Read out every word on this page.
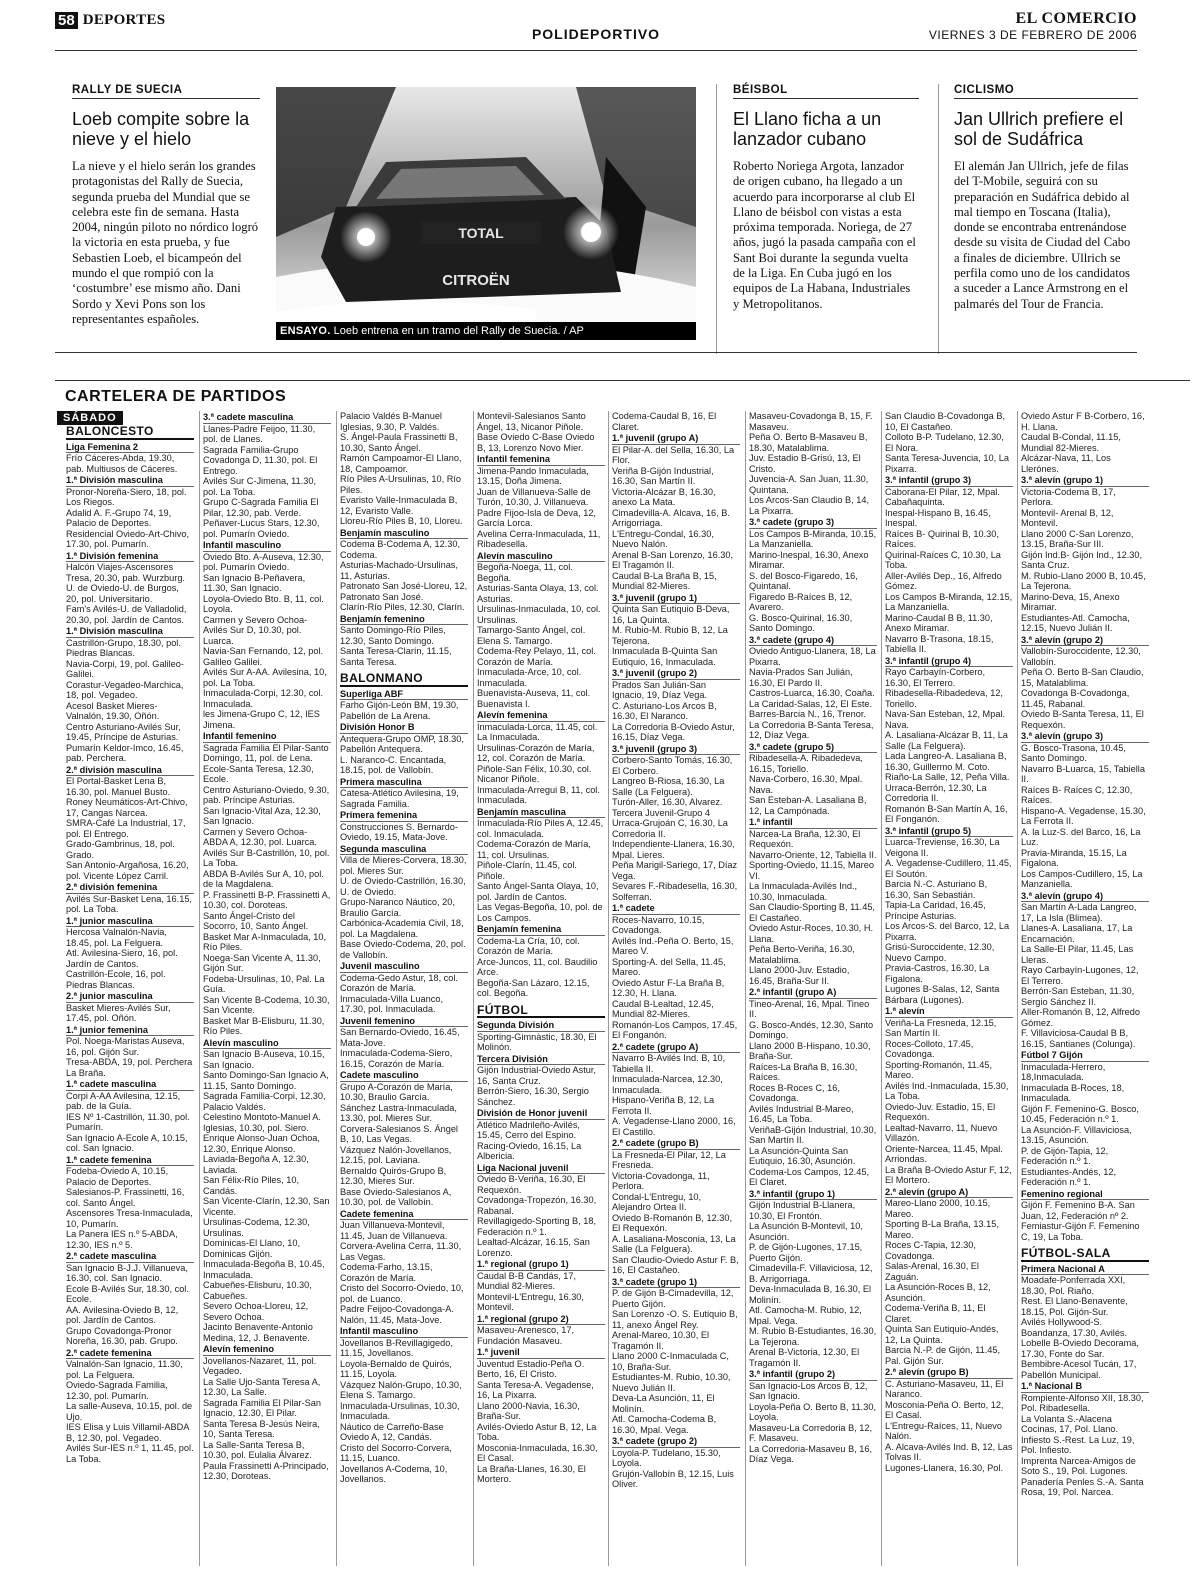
58 DEPORTES
POLIDEPORTIVO
EL COMERCIO
VIERNES 3 DE FEBRERO DE 2006
RALLY DE SUECIA
Loeb compite sobre la nieve y el hielo
La nieve y el hielo serán los grandes protagonistas del Rally de Suecia, segunda prueba del Mundial que se celebra este fin de semana. Hasta 2004, ningún piloto no nórdico logró la victoria en esta prueba, y fue Sebastien Loeb, el bicampeón del mundo el que rompió con la ‘costumbre’ ese mismo año. Dani Sordo y Xevi Pons son los representantes españoles.
TOTAL
CITROËN
ENSAYO. Loeb entrena en un tramo del Rally de Suecia. / AP
BÉISBOL
El Llano ficha a un lanzador cubano
Roberto Noriega Argota, lanzador de origen cubano, ha llegado a un acuerdo para incorporarse al club El Llano de béisbol con vistas a esta próxima temporada. Noriega, de 27 años, jugó la pasada campaña con el Sant Boi durante la segunda vuelta de la Liga. En Cuba jugó en los equipos de La Habana, Industriales y Metropolitanos.
CICLISMO
Jan Ullrich prefiere el sol de Sudáfrica
El alemán Jan Ullrich, jefe de filas del T-Mobile, seguirá con su preparación en Sudáfrica debido al mal tiempo en Toscana (Italia), donde se encontraba entrenándose desde su visita de Ciudad del Cabo a finales de diciembre. Ullrich se perfila como uno de los candidatos a suceder a Lance Armstrong en el palmarés del Tour de Francia.
CARTELERA DE PARTIDOS
SÁBADO
BALONCESTO
Liga Femenina 2
Frío Cáceres-Abda, 19.30, pab. Multiusos de Cáceres.
1.ª División masculina
Pronor-Noreña-Siero, 18, pol. Los Riegos.
Adalid A. F.-Grupo 74, 19, Palacio de Deportes.
Residencial Oviedo-Art-Chivo, 17.30, pol. Pumarín.
1.ª División femenina
Halcón Viajes-Ascensores Tresa, 20.30, pab. Wurzburg.
U. de Oviedo-U. de Burgos, 20, pol. Universitario.
Fam's Avilés-U. de Valladolid, 20.30, pol. Jardín de Cantos.
1.ª División masculina
Castrillón-Grupo, 18.30, pol. Piedras Blancas.
Navia-Corpi, 19, pol. Galileo-Galilei.
Corastur-Vegadeo-Marchica, 18, pol. Vegadeo.
Acesol Basket Mieres-Valnalón, 19.30, Oñón.
Centro Asturiano-Avilés Sur, 19.45, Príncipe de Asturias.
Pumarín Keldor-Imco, 16.45, pab. Perchera.
2.ª división masculina
El Portal-Basket Lena B, 16.30, pol. Manuel Busto.
Roney Neumáticos-Art-Chivo, 17, Cangas Narcea.
SMRA-Café La Industrial, 17, pol. El Entrego.
Grado-Gambrinus, 18, pol. Grado.
San Antonio-Argañosa, 16.20, pol. Vicente López Carril.
2.ª división femenina
Avilés Sur-Basket Lena, 16.15, pol. La Toba.
1.ª junior masculina
Hercosa Valnalón-Navia, 18.45, pol. La Felguera.
Atl. Avilesina-Siero, 16, pol. Jardín de Cantos.
Castrillón-Ecole, 16, pol. Piedras Blancas.
2.ª junior masculina
Basket Mieres-Avilés Sur, 17.45, pol. Oñón.
1.ª junior femenina
Pol. Noega-Maristas Auseva, 16, pol. Gijón Sur.
Tresa-ABDA, 19, pol. Perchera La Braña.
1.ª cadete masculina
Corpi A-AA Avilesina, 12.15, pab. de la Guía.
IES Nº 1-Castrillón, 11.30, pol. Pumarín.
San Ignacio A-Ecole A, 10.15, col. San Ignacio.
1.ª cadete femenina
Fodeba-Oviedo A, 10.15, Palacio de Deportes.
Salesianos-P. Frassinetti, 16, col. Santo Ángel.
Ascensores Tresa-Inmaculada, 10, Pumarín.
La Panera IES n.º 5-ABDA, 12.30, IES n.º 5.
2.ª cadete masculina
San Ignacio B-J.J. Villanueva, 16.30, col. San Ignacio.
Ecole B-Avilés Sur, 18.30, col. Ecole.
AA. Avilesina-Oviedo B, 12, pol. Jardín de Cantos.
Grupo Covadonga-Pronor Noreña, 16.30, pab. Grupo.
2.ª cadete femenina
Valnalón-San Ignacio, 11.30, pol. La Felguera.
Oviedo-Sagrada Familia, 12.30, pol. Pumarín.
La salle-Auseva, 10.15, pol. de Ujo.
IES Elisa y Luis Villamil-ABDA B, 12.30, pol. Vegadeo.
Avilés Sur-IES n.º 1, 11.45, pol. La Toba.
3.ª cadete masculina
Llanes-Padre Feijoo, 11.30, pol. de Llanes.
Sagrada Familia-Grupo Covadonga D, 11.30, pol. El Entrego.
Avilés Sur C-Jimena, 11.30, pol. La Toba.
Grupo C-Sagrada Familia El Pilar, 12.30, pab. Verde.
Peñaver-Lucus Stars, 12.30, pol. Pumarín Oviedo.
Infantil masculino
Oviedo Bto. A-Auseva, 12.30, pol. Pumarín Oviedo.
San Ignacio B-Peñavera, 11.30, San Ignacio.
Loyola-Oviedo Bto. B, 11, col. Loyola.
Carmen y Severo Ochoa-Avilés Sur D, 10.30, pol. Luarca.
Navia-San Fernando, 12, pol. Galileo Galilei.
Avilés Sur A-AA. Avilesina, 10, pol. La Toba.
Inmaculada-Corpi, 12.30, col. Inmaculada.
les Jimena-Grupo C, 12, IES Jimena.
Infantil femenino
Sagrada Familia El Pilar-Santo Domingo, 11, pol. de Lena.
Ecole-Santa Teresa, 12.30, Ecole.
Centro Asturiano-Oviedo, 9.30, pab. Príncipe Asturias.
San Ignacio-Vital Aza, 12.30, San Ignacio.
Carmen y Severo Ochoa-ABDA A, 12.30, pol. Luarca.
Avilés Sur B-Castrillón, 10, pol. La Toba.
ABDA B-Avilés Sur A, 10, pol. de la Magdalena.
P. Frassinetti B-P. Frassinetti A, 10.30, col. Doroteas.
Santo Ángel-Cristo del Socorro, 10, Santo Ángel.
Basket Mar A-Inmaculada, 10, Río Piles.
Noega-San Vicente A, 11.30, Gijón Sur.
Fodeba-Ursulinas, 10, Pal. La Guía.
San Vicente B-Codema, 10.30, San Vicente.
Basket Mar B-Elisburu, 11.30, Río Piles.
Alevín masculino
San Ignacio B-Auseva, 10.15, San Ignacio.
Santo Domingo-San Ignacio A, 11.15, Santo Domingo.
Sagrada Familia-Corpi, 12.30, Palacio Valdés.
Celestino Montoto-Manuel A. Iglesias, 10.30, pol. Siero.
Enrique Alonso-Juan Ochoa, 12.30, Enrique Alonso.
Laviada-Begoña A, 12.30, Laviada.
San Félix-Río Piles, 10, Candás.
San Vicente-Clarín, 12.30, San Vicente.
Ursulinas-Codema, 12.30, Ursulinas.
Dominicas-El Llano, 10, Dominicas Gijón.
Inmaculada-Begoña B, 10.45, Inmaculada.
Cabueñes-Elisburu, 10.30, Cabueñes.
Severo Ochoa-Lloreu, 12, Severo Ochoa.
Jacinto Benavente-Antonio Medina, 12, J. Benavente.
Alevín femenino
Jovellanos-Nazaret, 11, pol. Vegadeo.
La Salle Ujo-Santa Teresa A, 12.30, La Salle.
Sagrada Familia El Pilar-San Ignacio, 12.30, El Pilar.
Santa Teresa B-Jesús Neira, 10, Santa Teresa.
La Salle-Santa Teresa B, 10.30, pol. Eulalia Álvarez.
Paula Frassinetti A-Principado, 12.30, Doroteas.
Palacio Valdés B-Manuel Iglesias, 9.30, P. Valdés.
S. Ángel-Paula Frassinetti B, 10.30, Santo Ángel.
Ramón Campoamor-El Llano, 18, Campoamor.
Río Piles A-Ursulinas, 10, Río Piles.
Evaristo Valle-Inmaculada B, 12, Evaristo Valle.
Lloreu-Río Piles B, 10, Lloreu.
Benjamín masculino
Codema B-Codema A, 12.30, Codema.
Asturias-Machado-Ursulinas, 11, Asturias.
Patronato San José-Lloreu, 12, Patronato San José.
Clarín-Río Piles, 12.30, Clarín.
Benjamín femenino
Santo Domingo-Río Piles, 12.30, Santo Domingo.
Santa Teresa-Clarín, 11.15, Santa Teresa.
BALONMANO
Superliga ABF
Farho Gijón-León BM, 19.30, Pabellón de La Arena.
División Honor B
Antequera-Grupo OMP, 18.30, Pabellón Antequera.
L. Naranco-C. Encantada, 18.15, pol. de Vallobín.
Primera masculina
Catesa-Atlético Avilesina, 19, Sagrada Familia.
Primera femenina
Construcciones S. Bernardo-Oviedo, 19.15, Mata-Jove.
Segunda masculina
Villa de Mieres-Corvera, 18.30, pol. Mieres Sur.
U. de Oviedo-Castrillón, 16.30, U. de Oviedo.
Grupo-Naranco Náutico, 20, Braulio García.
Carbónica-Academia Civil, 18, pol. La Magdalena.
Base Oviedo-Codema, 20, pol. de Vallobín.
Juvenil masculino
Codema-Gedo Astur, 18, col. Corazón de María.
Inmaculada-Villa Luanco, 17.30, pol. Inmaculada.
Juvenil femenino
San Bernardo-Oviedo, 16.45, Mata-Jove.
Inmaculada-Codema-Siero, 16.15, Corazón de María.
Cadete masculino
Grupo A-Corazón de María, 10.30, Braulio García.
Sánchez Lastra-Inmaculada, 13.30, pol. Mieres Sur.
Corvera-Salesianos S. Ángel B, 10, Las Vegas.
Vázquez Nalón-Jovellanos, 12.15, pol. Laviana.
Bernaldo Quirós-Grupo B, 12.30, Mieres Sur.
Base Oviedo-Salesianos A, 10.30, pol. de Vallobín.
Cadete femenina
Juan Villanueva-Montevil, 11.45, Juan de Villanueva.
Corvera-Avelina Cerra, 11.30, Las Vegas.
Codema-Farho, 13.15, Corazón de María.
Cristo del Socorro-Oviedo, 10, pol. de Luanco.
Padre Feijoo-Covadonga-A. Nalón, 11.45, Mata-Jove.
Infantil masculino
Jovellanos B-Revillagigedo, 11.15, Jovellanos.
Loyola-Bernaldo de Quirós, 11.15, Loyola.
Vázquez Nalón-Grupo, 10.30, Elena S. Tamargo.
Inmaculada-Ursulinas, 10.30, Inmaculada.
Náutico de Carreño-Base Oviedo A, 12, Candás.
Cristo del Socorro-Corvera, 11.15, Luanco.
Jovellanos A-Codema, 10, Jovellanos.
Montevil-Salesianos Santo Ángel, 13, Nicanor Piñole.
Base Oviedo C-Base Oviedo B, 13, Lorenzo Novo Mier.
Infantil femenina
Jimena-Pando Inmaculada, 13.15, Doña Jimena.
Juan de Villanueva-Salle de Turón, 10.30, J. Villanueva.
Padre Fijoo-Isla de Deva, 12, García Lorca.
Avelina Cerra-Inmaculada, 11, Ribadesella.
Alevín masculino
Begoña-Noega, 11, col. Begoña.
Asturias-Santa Olaya, 13, col. Asturias.
Ursulinas-Inmaculada, 10, col. Ursulinas.
Tamargo-Santo Ángel, col. Elena S. Tamargo.
Codema-Rey Pelayo, 11, col. Corazón de María.
Inmaculada-Arce, 10, col. Inmaculada.
Buenavista-Auseva, 11, col. Buenavista I.
Alevín femenina
Inmaculada-Lorca, 11.45, col. La Inmaculada.
Ursulinas-Corazón de María, 12, col. Corazón de María.
Piñole-San Félix, 10.30, col. Nicanor Piñole.
Inmaculada-Arregui B, 11, col. Inmaculada.
Benjamín masculina
Inmaculada-Río Piles A, 12.45, col. Inmaculada.
Codema-Corazón de María, 11, col. Ursulinas.
Piñole-Clarín, 11.45, col. Piñole.
Santo Ángel-Santa Olaya, 10, pol. Jardín de Cantos.
Las Vegas-Begoña, 10, pol. de Los Campos.
Benjamín femenina
Codema-La Cría, 10, col. Corazón de María.
Arce-Juncos, 11, col. Baudilio Arce.
Begoña-San Lázaro, 12.15, col. Begoña.
FÚTBOL
Segunda División
Sporting-Gimnàstic, 18.30, El Molinón.
Tercera División
Gijón Industrial-Oviedo Astur, 16, Santa Cruz.
Berrón-Siero, 16.30, Sergio Sánchez.
División de Honor juvenil
Atlético Madrileño-Avilés, 15.45, Cerro del Espino.
Racing-Oviedo, 16.15, La Albericia.
Liga Nacional juvenil
Oviedo B-Veriña, 16.30, El Requexón.
Covadonga-Tropezón, 16.30, Rabanal.
Revillagigedo-Sporting B, 18, Federación n.º 1.
Lealtad-Alcázar, 16.15, San Lorenzo.
1.ª regional (grupo 1)
Caudal B-B Candás, 17, Mundial 82-Mieres.
Montevil-L'Entregu, 16.30, Montevil.
1.ª regional (grupo 2)
Masaveu-Arenesco, 17, Fundación Masaveu.
1.ª juvenil
Juventud Estadio-Peña O. Berto, 16, El Cristo.
Santa Teresa-A. Vegadense, 16, La Pixarra.
Llano 2000-Navia, 16.30, Braña-Sur.
Avilés-Oviedo Astur B, 12, La Toba.
Mosconia-Inmaculada, 16.30, El Casal.
La Braña-Llanes, 16.30, El Mortero.
Codema-Caudal B, 16, El Claret.
1.ª juvenil (grupo A)
El Pilar-A. del Sella, 16.30, La Flor.
Veriña B-Gijón Industrial, 16.30, San Martín II.
Victoria-Alcázar B, 16.30, anexo La Mata.
Cimadevilla-A. Alcava, 16, B. Arrigorriaga.
L'Entregu-Condal, 16.30, Nuevo Nalón.
Arenal B-San Lorenzo, 16.30, El Tragamón II.
Caudal B-La Braña B, 15, Mundial 82-Mieres.
3.ª juvenil (grupo 1)
Quinta San Eutiquio B-Deva, 16, La Quinta.
M. Rubio-M. Rubio B, 12, La Tejerona.
Inmaculada B-Quinta San Eutiquio, 16, Inmaculada.
3.ª juvenil (grupo 2)
Prados San Julián-San Ignacio, 19, Díaz Vega.
C. Asturiano-Los Arcos B, 16.30, El Naranco.
La Corredoria B-Oviedo Astur, 16.15, Díaz Vega.
3.ª juvenil (grupo 3)
Corbero-Santo Tomás, 16.30, El Corbero.
Langreo B-Riosa, 16.30, La Salle (La Felguera).
Turón-Aller, 16.30, Alvarez.
Tercera Juvenil-Grupo 4
Urraca-Grujoán C, 16.30, La Corredoria II.
Independiente-Llanera, 16.30, Mpal. Lieres.
Peña Marigil-Sariego, 17, Díaz Vega.
Sevares F.-Ribadesella, 16.30, Solferran.
1.ª cadete
Roces-Navarro, 10.15, Covadonga.
Avilés Ind.-Peña O. Berto, 15, Mareo V.
Sporting-A. del Sella, 11.45, Mareo.
Oviedo Astur F-La Braña B, 12.30, H. Llana.
Caudal B-Lealtad, 12.45, Mundial 82-Mieres.
Romanón-Los Campos, 17.45, El Fonganón.
2.ª cadete (grupo A)
Navarro B-Avilés Ind. B, 10, Tabiella II.
Inmaculada-Narcea, 12.30, Inmaculada.
Hispano-Veriña B, 12, La Ferrota II.
A. Vegadense-Llano 2000, 16, El Castillo.
2.ª cadete (grupo B)
La Fresneda-El Pilar, 12, La Fresneda.
Victoria-Covadonga, 11, Perlora.
Condal-L'Entregu, 10, Alejandro Ortea II.
Oviedo B-Romanón B, 12.30, El Requexón.
A. Lasaliana-Mosconia, 13, La Salle (La Felguera).
San Claudio-Oviedo Astur F. B, 16, El Castañeo.
3.ª cadete (grupo 1)
P. de Gijón B-Cimadevilla, 12, Puerto Gijón.
San Lorenzo -O. S. Eutiquio B, 11, anexo Ángel Rey.
Arenal-Mareo, 10.30, El Tragamón II.
Llano 2000 C-Inmaculada C, 10, Braña-Sur.
Estudiantes-M. Rubio, 10.30, Nuevo Julián II.
Deva-La Asunción, 11, El Molinín.
Atl. Camocha-Codema B, 16.30, Mpal. Vega.
3.ª cadete (grupo 2)
Loyola-P. Tudelano, 15.30, Loyola.
Grujón-Vallobín B, 12.15, Luis Oliver.
Masaveu-Covadonga B, 15, F. Masaveu.
Peña O. Berto B-Masaveu B, 18.30, Matalablima.
Juv. Estadio B-Grisú, 13, El Cristo.
Juvencia-A. San Juan, 11.30, Quintana.
Los Arcos-San Claudio B, 14, La Pixarra.
3.ª cadete (grupo 3)
Los Campos B-Miranda, 10.15, La Manzaniella.
Marino-Inespal, 16.30, Anexo Miramar.
S. del Bosco-Figaredo, 16, Quintanal.
Figaredo B-Raíces B, 12, Avarero.
G. Bosco-Quirinal, 16.30, Santo Domingo.
3.ª cadete (grupo 4)
Oviedo Antiguo-Llanera, 18, La Pixarra.
Navia-Prados San Julián, 16.30, El Pardo II.
Castros-Luarca, 16.30, Coaña.
La Caridad-Salas, 12, El Este.
Barres-Barcia N., 16, Trenor.
La Corredoria B-Santa Teresa, 12, Díaz Vega.
3.ª cadete (grupo 5)
Ribadesella-A. Ribadedeva, 16.15, Toriello.
Nava-Corbero, 16.30, Mpal. Nava.
San Esteban-A. Lasaliana B, 12, La Campónada.
1.ª infantil
Narcea-La Braña, 12.30, El Requexón.
Navarro-Oriente, 12, Tabiella II.
Sporting-Oviedo, 11.15, Mareo VI.
La Inmaculada-Avilés Ind., 10.30, Inmaculada.
San Claudio-Sporting B, 11.45, El Castañeo.
Oviedo Astur-Roces, 10.30, H. Llana.
Peña Berto-Veriña, 16.30, Matalablima.
Llano 2000-Juv. Estadio, 16.45, Braña-Sur II.
2.ª infantil (grupo A)
Tineo-Arenal, 16, Mpal. Tineo II.
G. Bosco-Andés, 12.30, Santo Domingo.
Llano 2000 B-Hispano, 10.30, Braña-Sur.
Raíces-La Braña B, 16.30, Raíces.
Roces B-Roces C, 16, Covadonga.
Avilés Industrial B-Mareo, 16.45, La Toba.
VeriñaB-Gijón Industrial, 10.30, San Martín II.
La Asunción-Quinta San Eutiquio, 16.30, Asunción.
Codema-Los Campos, 12.45, El Claret.
3.ª infantil (grupo 1)
Gijón Industrial B-Llanera, 10.30, El Frontón.
La Asunción B-Montevil, 10, Asunción.
P. de Gijón-Lugones, 17.15, Puerto Gijón.
Cimadevilla-F. Villaviciosa, 12, B. Arrigorriaga.
Deva-Inmaculada B, 16.30, El Molinín.
Atl. Camocha-M. Rubio, 12, Mpal. Vega.
M. Rubio B-Estudiantes, 16.30, La Tejerona.
Arenal B-Victoria, 12.30, El Tragamón II.
3.ª infantil (grupo 2)
San Ignacio-Los Arcos B, 12, San Ignacio.
Loyola-Peña O. Berto B, 11.30, Loyola.
Masaveu-La Corredoria B, 12, F. Masaveu.
La Corredoria-Masaveu B, 16, Díaz Vega.
San Claudio B-Covadonga B, 10, El Castañeo.
Colloto B-P. Tudelano, 12.30, El Nora.
Santa Teresa-Juvencia, 10, La Pixarra.
3.ª infantil (grupo 3)
Caborana-El Pilar, 12, Mpal. Cabañaquinta.
Inespal-Hispano B, 16.45, Inespal.
Raíces B- Quirinal B, 10.30, Raíces.
Quirinal-Raíces C, 10.30, La Toba.
Aller-Avilés Dep., 16, Alfredo Gómez.
Los Campos B-Miranda, 12.15, La Manzaniella.
Marino-Caudal B B, 11.30, Anexo Miramar.
Navarro B-Trasona, 18.15, Tabiella II.
3.ª infantil (grupo 4)
Rayo Carbayín-Corbero, 16.30, El Terrero.
Ribadesella-Ribadedeva, 12, Toriello.
Nava-San Esteban, 12, Mpal. Nava.
A. Lasaliana-Alcázar B, 11, La Salle (La Felguera).
Lada Langreo-A. Lasaliana B, 16.30, Guillermo M. Coto.
Riaño-La Salle, 12, Peña Villa.
Urraca-Berrón, 12.30, La Corredoria II.
Romanón B-San Martín A, 16, El Fonganón.
3.ª infantil (grupo 5)
Luarca-Treviense, 16.30, La Veigona II.
A. Vegadense-Cudillero, 11.45, El Soutón.
Barcia N.-C. Asturiano B, 16.30, San Sebastián.
Tapia-La Caridad, 16.45, Príncipe Asturias.
Los Arcos-S. del Barco, 12, La Pixarra.
Grisú-Suroccidente, 12.30, Nuevo Campo.
Pravia-Castros, 16.30, La Figalona.
Lugones B-Salas, 12, Santa Bárbara (Lugones).
1.ª alevín
Veriña-La Fresneda, 12.15, San Martín II.
Roces-Colloto, 17.45, Covadonga.
Sporting-Romanón, 11.45, Mareo.
Avilés Ind.-Inmaculada, 15.30, La Toba.
Oviedo-Juv. Estadio, 15, El Requexón.
Lealtad-Navarro, 11, Nuevo Villazón.
Oriente-Narcea, 11.45, Mpal. Arriondas.
La Braña B-Oviedo Astur F, 12, El Mortero.
2.ª alevín (grupo A)
Mareo-Llano 2000, 10.15, Mareo.
Sporting B-La Braña, 13.15, Mareo.
Roces C-Tapia, 12.30, Covadonga.
Salas-Arenal, 16.30, El Zaguán.
La Asunción-Roces B, 12, Asunción.
Codema-Veriña B, 11, El Claret.
Quinta San Eutiquio-Andés, 12, La Quinta.
Barcia N.-P. de Gijón, 11.45, Pal. Gijón Sur.
2.ª alevín (grupo B)
C. Asturiano-Masaveu, 11, El Naranco.
Mosconia-Peña O. Berto, 12, El Casal.
L'Entregu-Raíces, 11, Nuevo Nalón.
A. Alcava-Avilés Ind. B, 12, Las Tolvas II.
Lugones-Llanera, 16.30, Pol.
Oviedo Astur F B-Corbero, 16, H. Llana.
Caudal B-Condal, 11.15, Mundial 82-Mieres.
Alcázar-Nava, 11, Los Llerónes.
3.ª alevín (grupo 1)
Victoria-Codema B, 17, Perlora.
Montevil- Arenal B, 12, Montevil.
Llano 2000 C-San Lorenzo, 13.15, Braña-Sur III.
Gijón Ind.B- Gijón Ind., 12.30, Santa Cruz.
M. Rubio-Llano 2000 B, 10.45, La Tejerona.
Marino-Deva, 15, Anexo Miramar.
Estudiantes-Atl. Camocha, 12.15, Nuevo Julián II.
3.ª alevín (grupo 2)
Vallobín-Suroccidente, 12.30, Vallobín.
Peña O. Berto B-San Claudio, 15, Matalablima.
Covadonga B-Covadonga, 11.45, Rabanal.
Oviedo B-Santa Teresa, 11, El Requexón.
3.ª alevín (grupo 3)
G. Bosco-Trasona, 10.45, Santo Domingo.
Navarro B-Luarca, 15, Tabiella II.
Raíces B- Raíces C, 12.30, Raíces.
Hispano-A. Vegadense, 15.30, La Ferrota II.
A. la Luz-S. del Barco, 16, La Luz.
Pravia-Miranda, 15.15, La Figalona.
Los Campos-Cudillero, 15, La Manzaniella.
3.ª alevín (grupo 4)
San Martín A-Lada Langreo, 17, La Isla (Blimea).
Llanes-A. Lasaliana, 17, La Encarnación.
La Salle-El Pilar, 11.45, Las Lleras.
Rayo Carbayín-Lugones, 12, El Terrero.
Berrón-San Esteban, 11.30, Sergio Sánchez II.
Aller-Romanón B, 12, Alfredo Gómez.
F. Villaviciosa-Caudal B B, 16.15, Santianes (Colunga).
Fútbol 7 Gijón
Inmaculada-Herrero, 18,Inmaculada.
Inmaculada B-Roces, 18, Inmaculada.
Gijón F. Femenino-G. Bosco, 10.45, Federación n.º 1.
La Asunción-F. Villaviciosa, 13.15, Asunción.
P. de Gijón-Tapia, 12, Federación n.º 1.
Estudiantes-Andés, 12, Federación n.º 1.
Femenino regional
Gijón F. Femenino B-A. San Juan, 12, Federación nº 2.
Femiastur-Gijón F. Femenino C, 19, La Toba.
FÚTBOL-SALA
Primera Nacional A
Moadafe-Ponferrada XXI, 18.30, Pol. Riaño.
Rest. El Llano-Benavente, 18.15, Pol. Gijón-Sur.
Avilés Hollywood-S. Boandanza, 17.30, Avilés.
Lobelle B-Oviedo Decorama, 17.30, Fonte do Sar.
Bembibre-Acesol Tucán, 17, Pabellón Municipal.
1.ª Nacional B
Rompiente-Alfonso XII, 18.30, Pol. Ribadesella.
La Volanta S.-Alacena Cocinas, 17, Pol. Llano.
Infiesto S.-Rest. La Luz, 19, Pol. Infiesto.
Imprenta Narcea-Amigos de Soto S., 19, Pol. Lugones.
Panadería Penles S.-A. Santa Rosa, 19, Pol. Narcea.
